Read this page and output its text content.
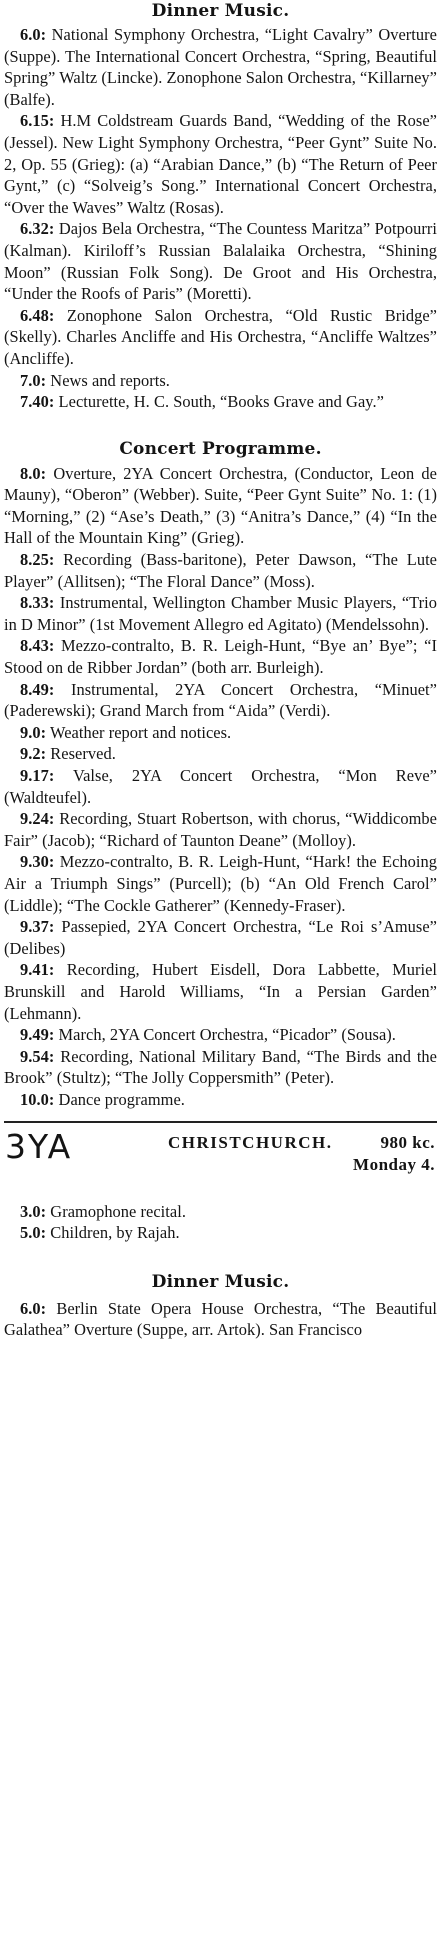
Dinner Music.

6.0: National Symphony Orchestra, “Light Cavalry” Overture (Suppe). The International Concert Orchestra, “Spring, Beautiful Spring” Waltz (Lincke). Zonophone Salon Orchestra, “Killarney” (Balfe).

6.15: H.M Coldstream Guards Band, “Wedding of the Rose” (Jessel). New Light Symphony Orchestra, “Peer Gynt” Suite No. 2, Op. 55 (Grieg): (a) “Arabian Dance,” (b) “The Return of Peer Gynt,” (c) “Solveig’s Song.” International Concert Orchestra, “Over the Waves” Waltz (Rosas).

6.32: Dajos Bela Orchestra, “The Countess Maritza” Potpourri (Kalman). Kiriloff’s Russian Balalaika Orchestra, “Shining Moon” (Russian Folk Song). De Groot and His Orchestra, “Under the Roofs of Paris” (Moretti).

6.48: Zonophone Salon Orchestra, “Old Rustic Bridge” (Skelly). Charles Ancliffe and His Orchestra, “Ancliffe Waltzes” (Ancliffe).

7.0: News and reports.

7.40: Lecturette, H. C. South, “Books Grave and Gay.”

Concert Programme.

8.0: Overture, 2YA Concert Orchestra, (Conductor, Leon de Mauny), “Oberon” (Webber). Suite, “Peer Gynt Suite” No. 1: (1) “Morning,” (2) “Ase’s Death,” (3) “Anitra’s Dance,” (4) “In the Hall of the Mountain King” (Grieg).

8.25: Recording (Bass-baritone), Peter Dawson, “The Lute Player” (Allitsen); “The Floral Dance” (Moss).

8.33: Instrumental, Wellington Chamber Music Players, “Trio in D Minor” (1st Movement Allegro ed Agitato) (Mendelssohn).

8.43: Mezzo-contralto, B. R. Leigh-Hunt, “Bye an’ Bye”; “I Stood on de Ribber Jordan” (both arr. Burleigh).

8.49: Instrumental, 2YA Concert Orchestra, “Minuet” (Paderewski); Grand March from “Aida” (Verdi).

9.0: Weather report and notices.

9.2: Reserved.

9.17: Valse, 2YA Concert Orchestra, “Mon Reve” (Waldteufel).

9.24: Recording, Stuart Robertson, with chorus, “Widdicombe Fair” (Jacob); “Richard of Taunton Deane” (Molloy).

9.30: Mezzo-contralto, B. R. Leigh-Hunt, “Hark! the Echoing Air a Triumph Sings” (Purcell); (b) “An Old French Carol” (Liddle); “The Cockle Gatherer” (Kennedy-Fraser).

9.37: Passepied, 2YA Concert Orchestra, “Le Roi s’Amuse” (Delibes)

9.41: Recording, Hubert Eisdell, Dora Labbette, Muriel Brunskill and Harold Williams, “In a Persian Garden” (Lehmann).

9.49: March, 2YA Concert Orchestra, “Picador” (Sousa).

9.54: Recording, National Military Band, “The Birds and the Brook” (Stultz); “The Jolly Coppersmith” (Peter).

10.0: Dance programme.

3YA	CHRISTCHURCH.	980 kc.
Monday 4.

3.0: Gramophone recital.

5.0: Children, by Rajah.

Dinner Music.

6.0: Berlin State Opera House Orchestra, “The Beautiful Galathea” Overture (Suppe, arr. Artok). San Francisco
